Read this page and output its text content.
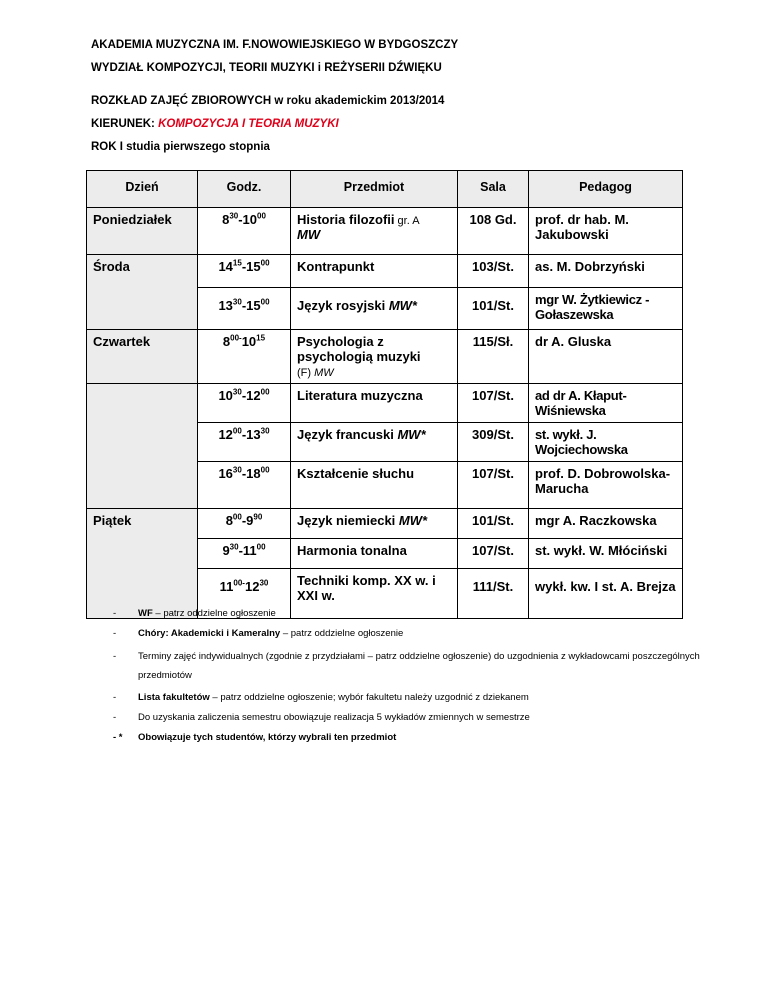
AKADEMIA MUZYCZNA IM. F.NOWOWIEJSKIEGO W BYDGOSZCZY
WYDZIAŁ KOMPOZYCJI, TEORII MUZYKI i REŻYSERII DŹWIĘKU
ROZKŁAD ZAJĘĆ ZBIOROWYCH w roku akademickim 2013/2014
KIERUNEK: KOMPOZYCJA I TEORIA MUZYKI
ROK I studia pierwszego stopnia
Dzień	Godz.	Przedmiot	Sala	Pedagog
Poniedziałek	$8^{30}-10^{00}$	Historia filozofii gr. A
MW	108 Gd.	prof. dr hab. M. Jakubowski
Środa	$14^{15}-15^{00}$	Kontrapunkt	103/St.	as. M. Dobrzyński
	$13^{30}-15^{00}$	Język rosyjski MW*	101/St.	mgr W. Żytkiewicz - Gołaszewska
Czwartek	$8^{00-}10^{15}$	Psychologia z psychologią muzyki
(F) MW	115/Sł.	dr A. Gluska
	$10^{30}-12^{00}$	Literatura muzyczna	107/St.	ad dr A. Kłaput-Wiśniewska
	$12^{00}-13^{30}$	Język francuski MW*	309/St.	st. wykł. J. Wojciechowska
	$16^{30}-18^{00}$	Kształcenie słuchu	107/St.	prof. D. Dobrowolska-Marucha
Piątek	$8^{00}-9^{90}$	Język niemiecki MW*	101/St.	mgr A. Raczkowska
	$9^{30}-11^{00}$	Harmonia tonalna	107/St.	st. wykł. W. Młóciński
	$11^{00-}12^{30}$	Techniki komp. XX w. i XXI w.	111/St.	wykł. kw. I st. A. Brejza
- WF – patrz oddzielne ogłoszenie
- Chóry: Akademicki i Kameralny – patrz oddzielne ogłoszenie
- Terminy zajęć indywidualnych (zgodnie z przydziałami – patrz oddzielne ogłoszenie) do uzgodnienia z wykładowcami poszczególnych przedmiotów
- Lista fakultetów – patrz oddzielne ogłoszenie; wybór fakultetu należy uzgodnić z dziekanem
- Do uzyskania zaliczenia semestru obowiązuje realizacja 5 wykładów zmiennych w semestrze
- * Obowiązuje tych studentów, którzy wybrali ten przedmiot
